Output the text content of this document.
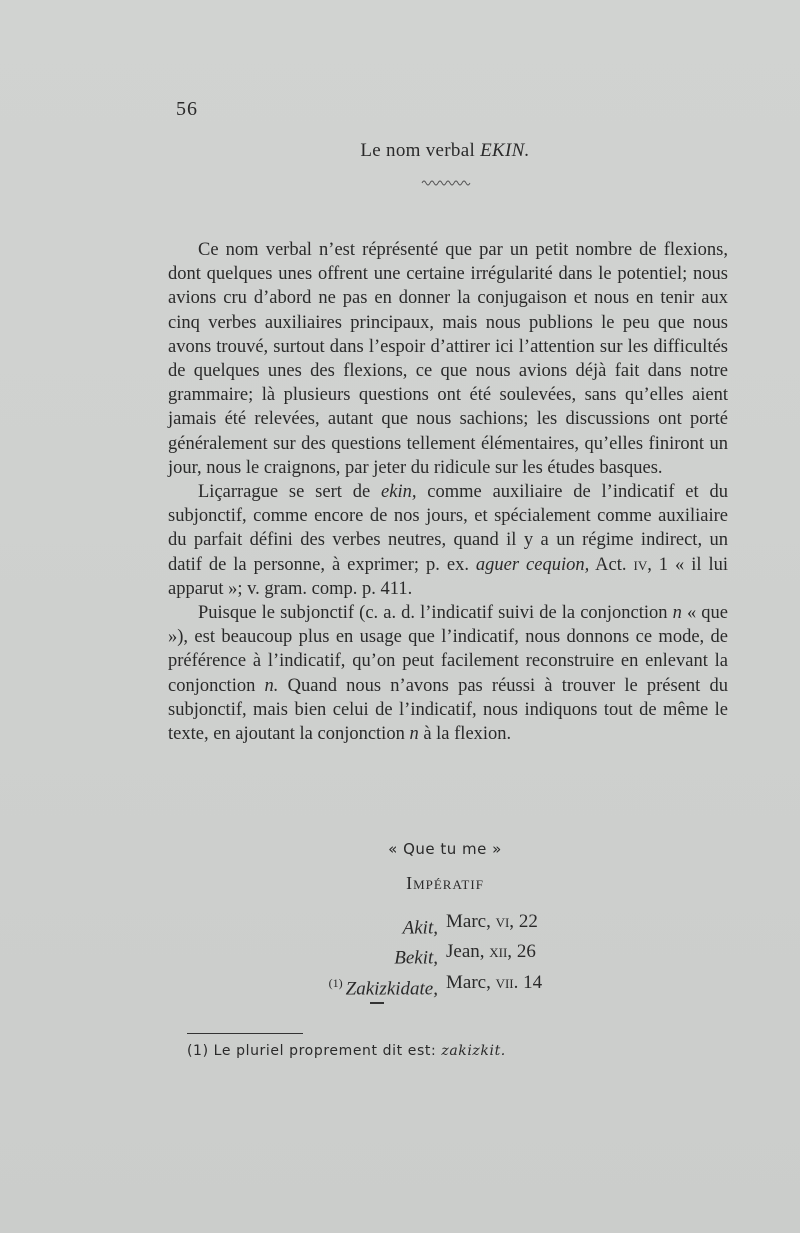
56
Le nom verbal EKIN.

Ce nom verbal n’est réprésenté que par un petit nombre de flexions, dont quelques unes offrent une certaine irrégularité dans le potentiel; nous avions cru d’abord ne pas en donner la conjugaison et nous en tenir aux cinq verbes auxiliaires principaux, mais nous publions le peu que nous avons trouvé, surtout dans l’espoir d’attirer ici l’attention sur les difficultés de quelques unes des flexions, ce que nous avions déjà fait dans notre grammaire; là plusieurs questions ont été soulevées, sans qu’elles aient jamais été relevées, autant que nous sachions; les discussions ont porté généralement sur des questions tellement élémentaires, qu’elles finiront un jour, nous le craignons, par jeter du ridicule sur les études basques.

Liçarrague se sert de ekin, comme auxiliaire de l’indicatif et du subjonctif, comme encore de nos jours, et spécialement comme auxiliaire du parfait défini des verbes neutres, quand il y a un régime indirect, un datif de la personne, à exprimer; p. ex. aguer cequion, Act. iv, 1 « il lui apparut »; v. gram. comp. p. 411.

Puisque le subjonctif (c. a. d. l’indicatif suivi de la conjonction n « que »), est beaucoup plus en usage que l’indicatif, nous donnons ce mode, de préférence à l’indicatif, qu’on peut facilement reconstruire en enlevant la conjonction n. Quand nous n’avons pas réussi à trouver le présent du subjonctif, mais bien celui de l’indicatif, nous indiquons tout de même le texte, en ajoutant la conjonction n à la flexion.

« Que tu me »
Impératif
Akit, Marc, vi, 22
Bekit, Jean, xii, 26
$^{(1)}$ Zakizkidate, Marc, vii. 14
(1) Le pluriel proprement dit est: zakizkit.
